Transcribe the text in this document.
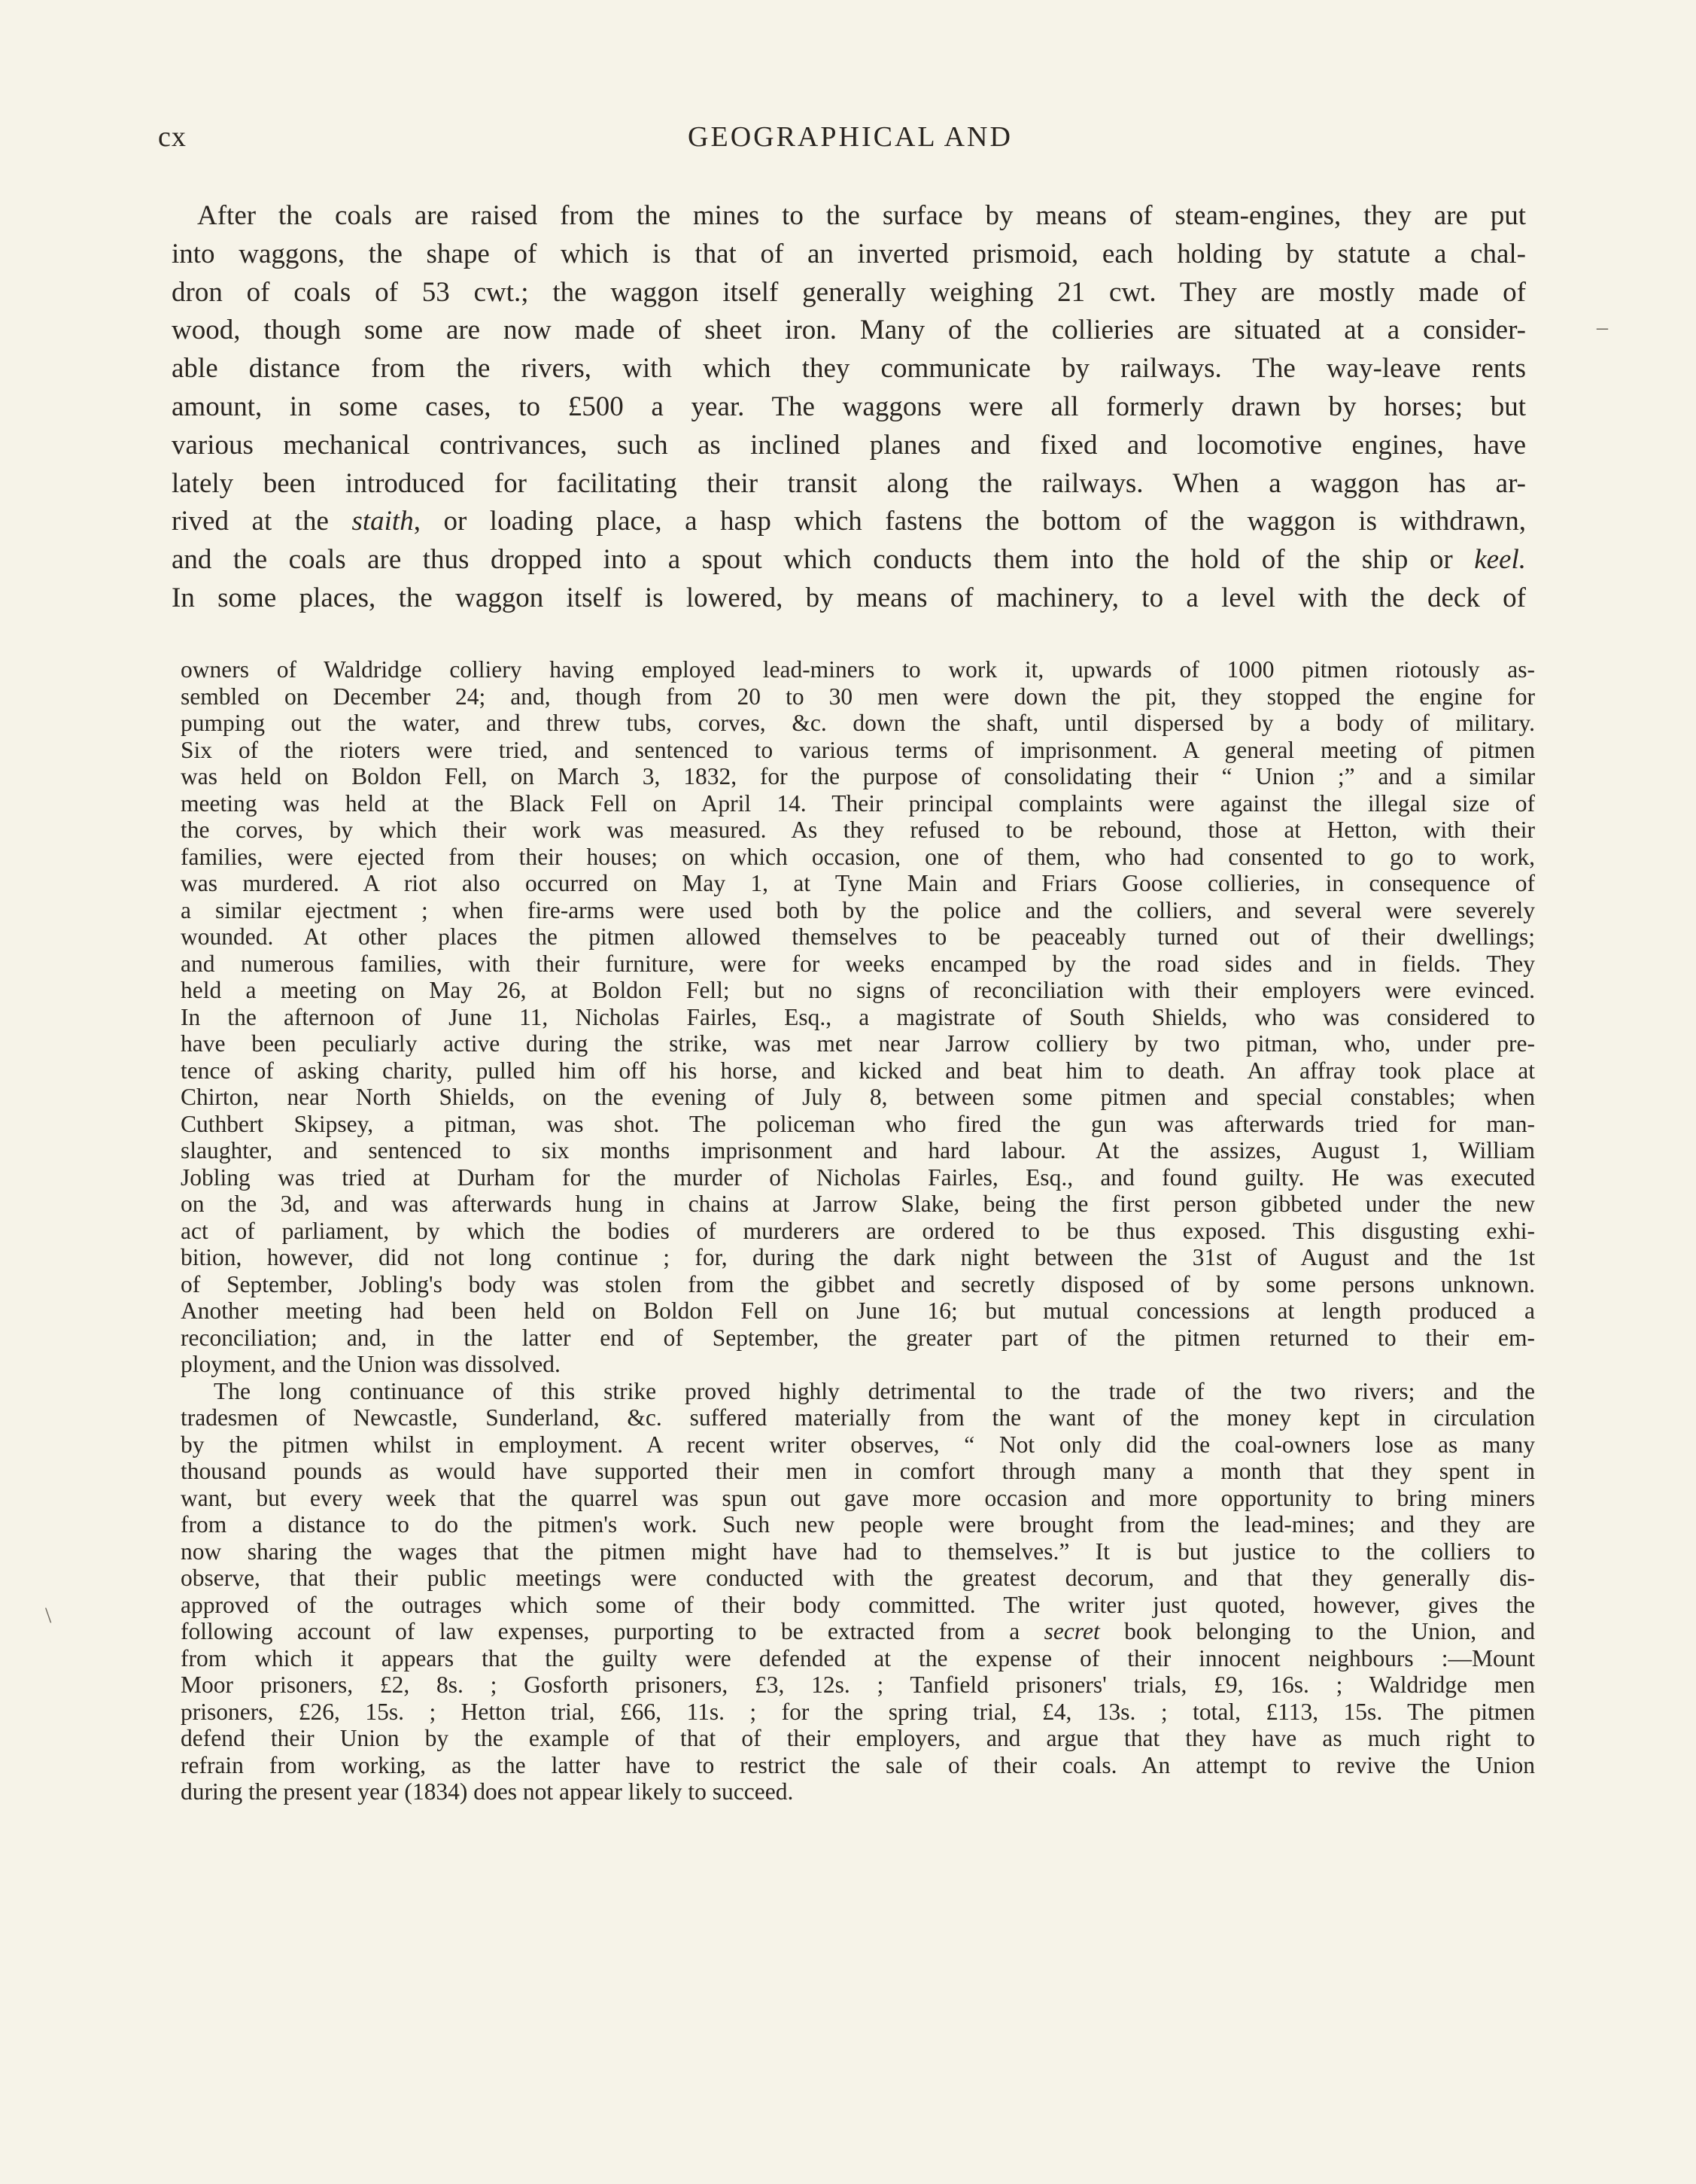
cx	GEOGRAPHICAL AND
After the coals are raised from the mines to the surface by means of steam-engines, they are put
into waggons, the shape of which is that of an inverted prismoid, each holding by statute a chal-
dron of coals of 53 cwt.; the waggon itself generally weighing 21 cwt. They are mostly made of
wood, though some are now made of sheet iron. Many of the collieries are situated at a consider-
able distance from the rivers, with which they communicate by railways. The way-leave rents
amount, in some cases, to £500 a year. The waggons were all formerly drawn by horses; but
various mechanical contrivances, such as inclined planes and fixed and locomotive engines, have
lately been introduced for facilitating their transit along the railways. When a waggon has ar-
rived at the staith, or loading place, a hasp which fastens the bottom of the waggon is withdrawn,
and the coals are thus dropped into a spout which conducts them into the hold of the ship or keel.
In some places, the waggon itself is lowered, by means of machinery, to a level with the deck of
owners of Waldridge colliery having employed lead-miners to work it, upwards of 1000 pitmen riotously as-
sembled on December 24; and, though from 20 to 30 men were down the pit, they stopped the engine for
pumping out the water, and threw tubs, corves, &c. down the shaft, until dispersed by a body of military.
Six of the rioters were tried, and sentenced to various terms of imprisonment. A general meeting of pitmen
was held on Boldon Fell, on March 3, 1832, for the purpose of consolidating their “ Union ;” and a similar
meeting was held at the Black Fell on April 14. Their principal complaints were against the illegal size of
the corves, by which their work was measured. As they refused to be rebound, those at Hetton, with their
families, were ejected from their houses; on which occasion, one of them, who had consented to go to work,
was murdered. A riot also occurred on May 1, at Tyne Main and Friars Goose collieries, in consequence of
a similar ejectment ; when fire-arms were used both by the police and the colliers, and several were severely
wounded. At other places the pitmen allowed themselves to be peaceably turned out of their dwellings;
and numerous families, with their furniture, were for weeks encamped by the road sides and in fields. They
held a meeting on May 26, at Boldon Fell; but no signs of reconciliation with their employers were evinced.
In the afternoon of June 11, Nicholas Fairles, Esq., a magistrate of South Shields, who was considered to
have been peculiarly active during the strike, was met near Jarrow colliery by two pitman, who, under pre-
tence of asking charity, pulled him off his horse, and kicked and beat him to death. An affray took place at
Chirton, near North Shields, on the evening of July 8, between some pitmen and special constables; when
Cuthbert Skipsey, a pitman, was shot. The policeman who fired the gun was afterwards tried for man-
slaughter, and sentenced to six months imprisonment and hard labour. At the assizes, August 1, William
Jobling was tried at Durham for the murder of Nicholas Fairles, Esq., and found guilty. He was executed
on the 3d, and was afterwards hung in chains at Jarrow Slake, being the first person gibbeted under the new
act of parliament, by which the bodies of murderers are ordered to be thus exposed. This disgusting exhi-
bition, however, did not long continue ; for, during the dark night between the 31st of August and the 1st
of September, Jobling's body was stolen from the gibbet and secretly disposed of by some persons unknown.
Another meeting had been held on Boldon Fell on June 16; but mutual concessions at length produced a
reconciliation; and, in the latter end of September, the greater part of the pitmen returned to their em-
ployment, and the Union was dissolved.
The long continuance of this strike proved highly detrimental to the trade of the two rivers; and the
tradesmen of Newcastle, Sunderland, &c. suffered materially from the want of the money kept in circulation
by the pitmen whilst in employment. A recent writer observes, “ Not only did the coal-owners lose as many
thousand pounds as would have supported their men in comfort through many a month that they spent in
want, but every week that the quarrel was spun out gave more occasion and more opportunity to bring miners
from a distance to do the pitmen's work. Such new people were brought from the lead-mines; and they are
now sharing the wages that the pitmen might have had to themselves.” It is but justice to the colliers to
observe, that their public meetings were conducted with the greatest decorum, and that they generally dis-
approved of the outrages which some of their body committed. The writer just quoted, however, gives the
following account of law expenses, purporting to be extracted from a secret book belonging to the Union, and
from which it appears that the guilty were defended at the expense of their innocent neighbours :—Mount
Moor prisoners, £2, 8s. ; Gosforth prisoners, £3, 12s. ; Tanfield prisoners' trials, £9, 16s. ; Waldridge men
prisoners, £26, 15s. ; Hetton trial, £66, 11s. ; for the spring trial, £4, 13s. ; total, £113, 15s. The pitmen
defend their Union by the example of that of their employers, and argue that they have as much right to
refrain from working, as the latter have to restrict the sale of their coals. An attempt to revive the Union
during the present year (1834) does not appear likely to succeed.
–
\
